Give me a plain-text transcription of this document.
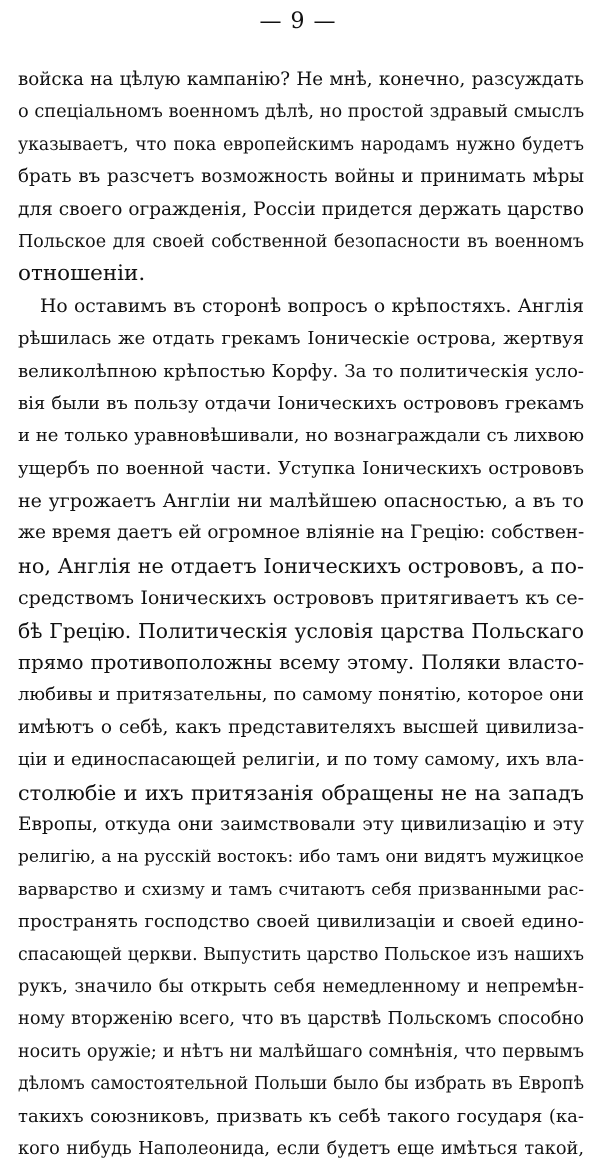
— 9 —
войска на цѣлую кампанію? Не мнѣ, конечно, разсуждать
о спеціальномъ военномъ дѣлѣ, но простой здравый смыслъ
указываетъ, что пока европейскимъ народамъ нужно будетъ
брать въ разсчетъ возможность войны и принимать мѣры
для своего огражденія, Россіи придется держать царство
Польское для своей собственной безопасности въ военномъ
отношеніи.
Но оставимъ въ сторонѣ вопросъ о крѣпостяхъ. Англія
рѣшилась же отдать грекамъ Іоническіе острова, жертвуя
великолѣпною крѣпостью Корфу. За то политическія усло-
вія были въ пользу отдачи Іоническихъ острововъ грекамъ
и не только уравновѣшивали, но вознаграждали съ лихвою
ущербъ по военной части. Уступка Іоническихъ острововъ
не угрожаетъ Англіи ни малѣйшею опасностью, а въ то
же время даетъ ей огромное вліяніе на Грецію: собствен-
но, Англія не отдаетъ Іоническихъ острововъ, а по-
средствомъ Іоническихъ острововъ притягиваетъ къ се-
бѣ Грецію. Политическія условія царства Польскаго
прямо противоположны всему этому. Поляки власто-
любивы и притязательны, по самому понятію, которое они
имѣютъ о себѣ, какъ представителяхъ высшей цивилиза-
ціи и единоспасающей религіи, и по тому самому, ихъ вла-
столюбіе и ихъ притязанія обращены не на западъ
Европы, откуда они заимствовали эту цивилизацію и эту
религію, а на русскій востокъ: ибо тамъ они видятъ мужицкое
варварство и схизму и тамъ считаютъ себя призванными рас-
пространять господство своей цивилизаціи и своей едино-
спасающей церкви. Выпустить царство Польское изъ нашихъ
рукъ, значило бы открыть себя немедленному и непремѣн-
ному вторженію всего, что въ царствѣ Польскомъ способно
носить оружіе; и нѣтъ ни малѣйшаго сомнѣнія, что первымъ
дѣломъ самостоятельной Польши было бы избрать въ Европѣ
такихъ союзниковъ, призвать къ себѣ такого государя (ка-
кого нибудь Наполеонида, если будетъ еще имѣться такой,
